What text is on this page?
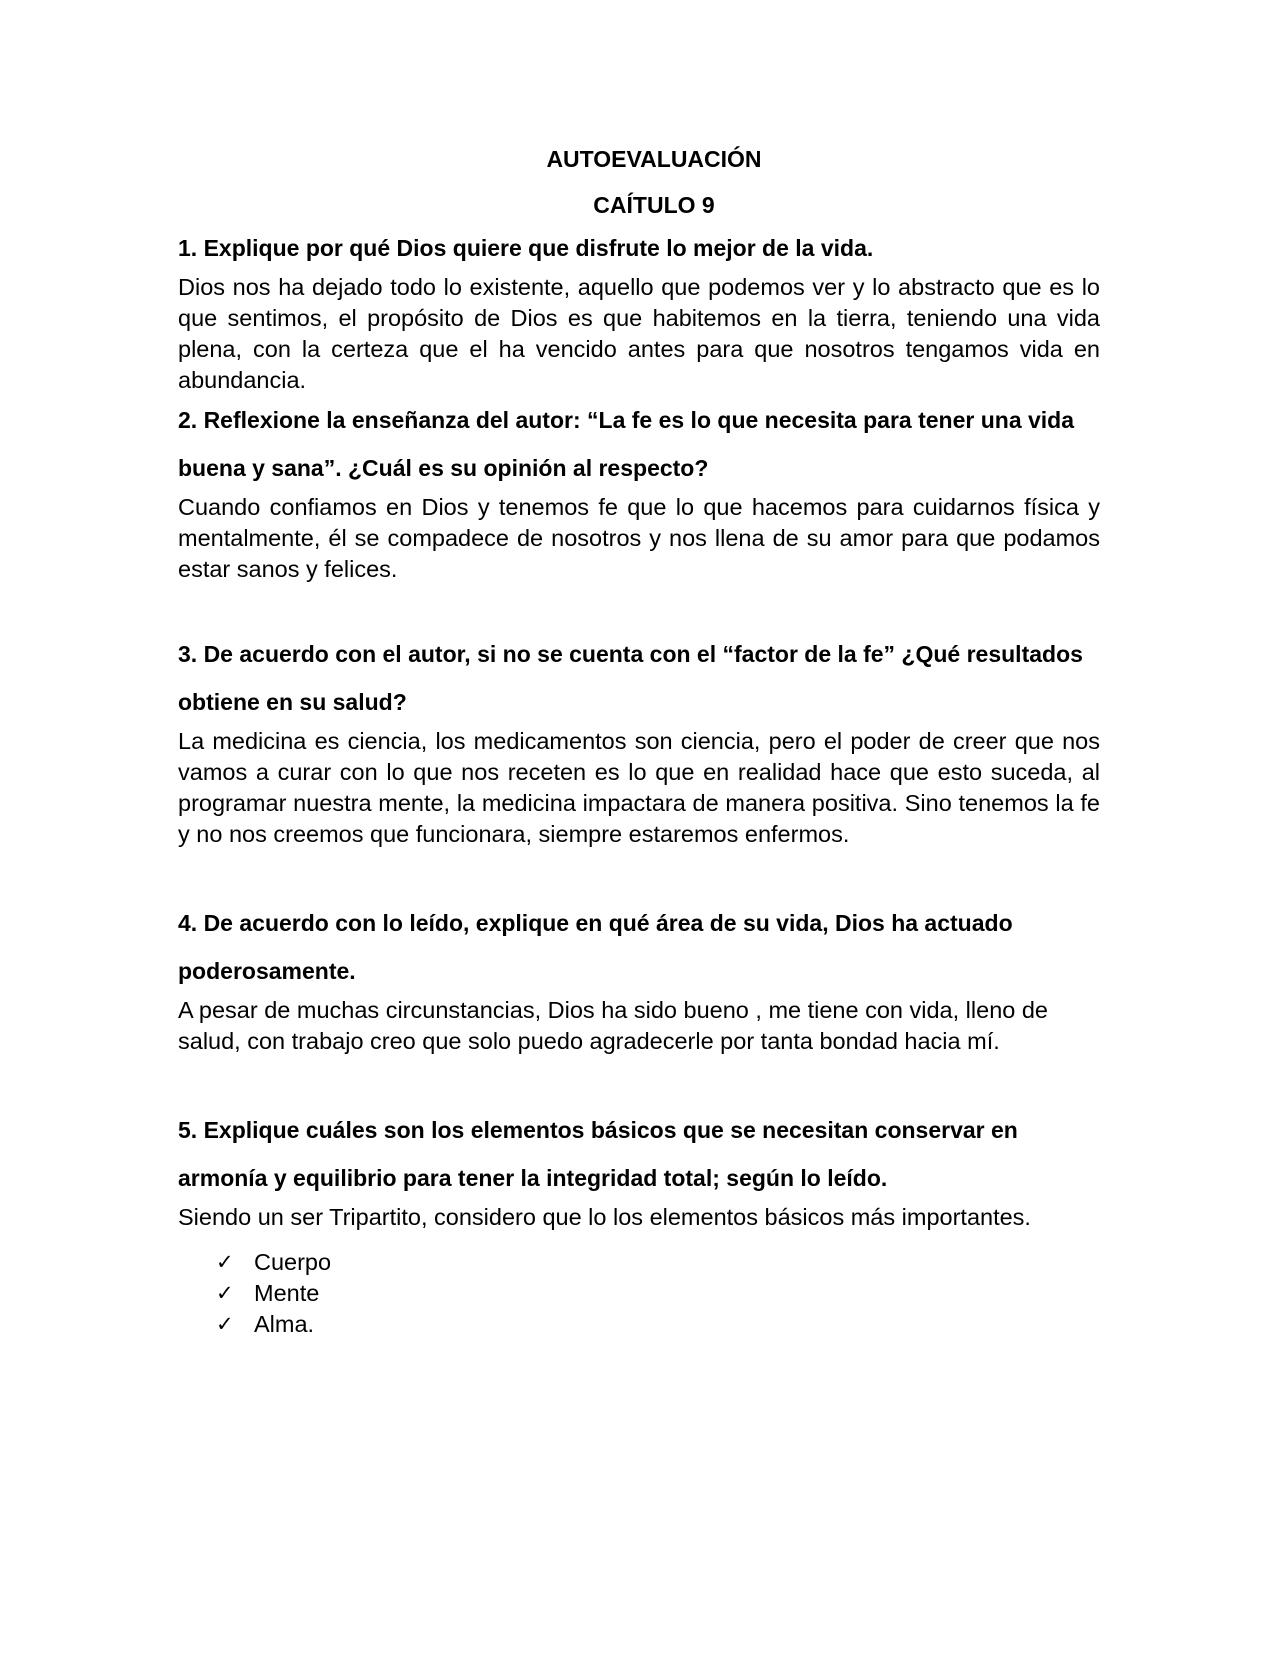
AUTOEVALUACIÓN

CAÍTULO 9

1. Explique por qué Dios quiere que disfrute lo mejor de la vida.

Dios nos ha dejado todo lo existente, aquello que podemos ver y lo abstracto que es lo que sentimos, el propósito de Dios es que habitemos en la tierra, teniendo una vida plena, con la certeza que el ha vencido antes para que nosotros tengamos vida en abundancia.

2. Reflexione la enseñanza del autor: “La fe es lo que necesita para tener una vida buena y sana”. ¿Cuál es su opinión al respecto?

Cuando confiamos en Dios y tenemos fe que lo que hacemos para cuidarnos física y mentalmente, él se compadece de nosotros y nos llena de su amor para que podamos estar sanos y felices.

3. De acuerdo con el autor, si no se cuenta con el “factor de la fe” ¿Qué resultados obtiene en su salud?

La medicina es ciencia, los medicamentos son ciencia, pero el poder de creer que nos vamos a curar con lo que nos receten es lo que en realidad hace que esto suceda, al programar nuestra mente, la medicina impactara de manera positiva. Sino tenemos la fe y no nos creemos que funcionara, siempre estaremos enfermos.

4. De acuerdo con lo leído, explique en qué área de su vida, Dios ha actuado poderosamente.

A pesar de muchas circunstancias, Dios ha sido bueno , me tiene con vida, lleno de salud, con trabajo creo que solo puedo agradecerle por tanta bondad hacia mí.

5. Explique cuáles son los elementos básicos que se necesitan conservar en armonía y equilibrio para tener la integridad total; según lo leído.

Siendo un ser Tripartito, considero que lo los elementos básicos más importantes.

✓ Cuerpo
✓ Mente
✓ Alma.
